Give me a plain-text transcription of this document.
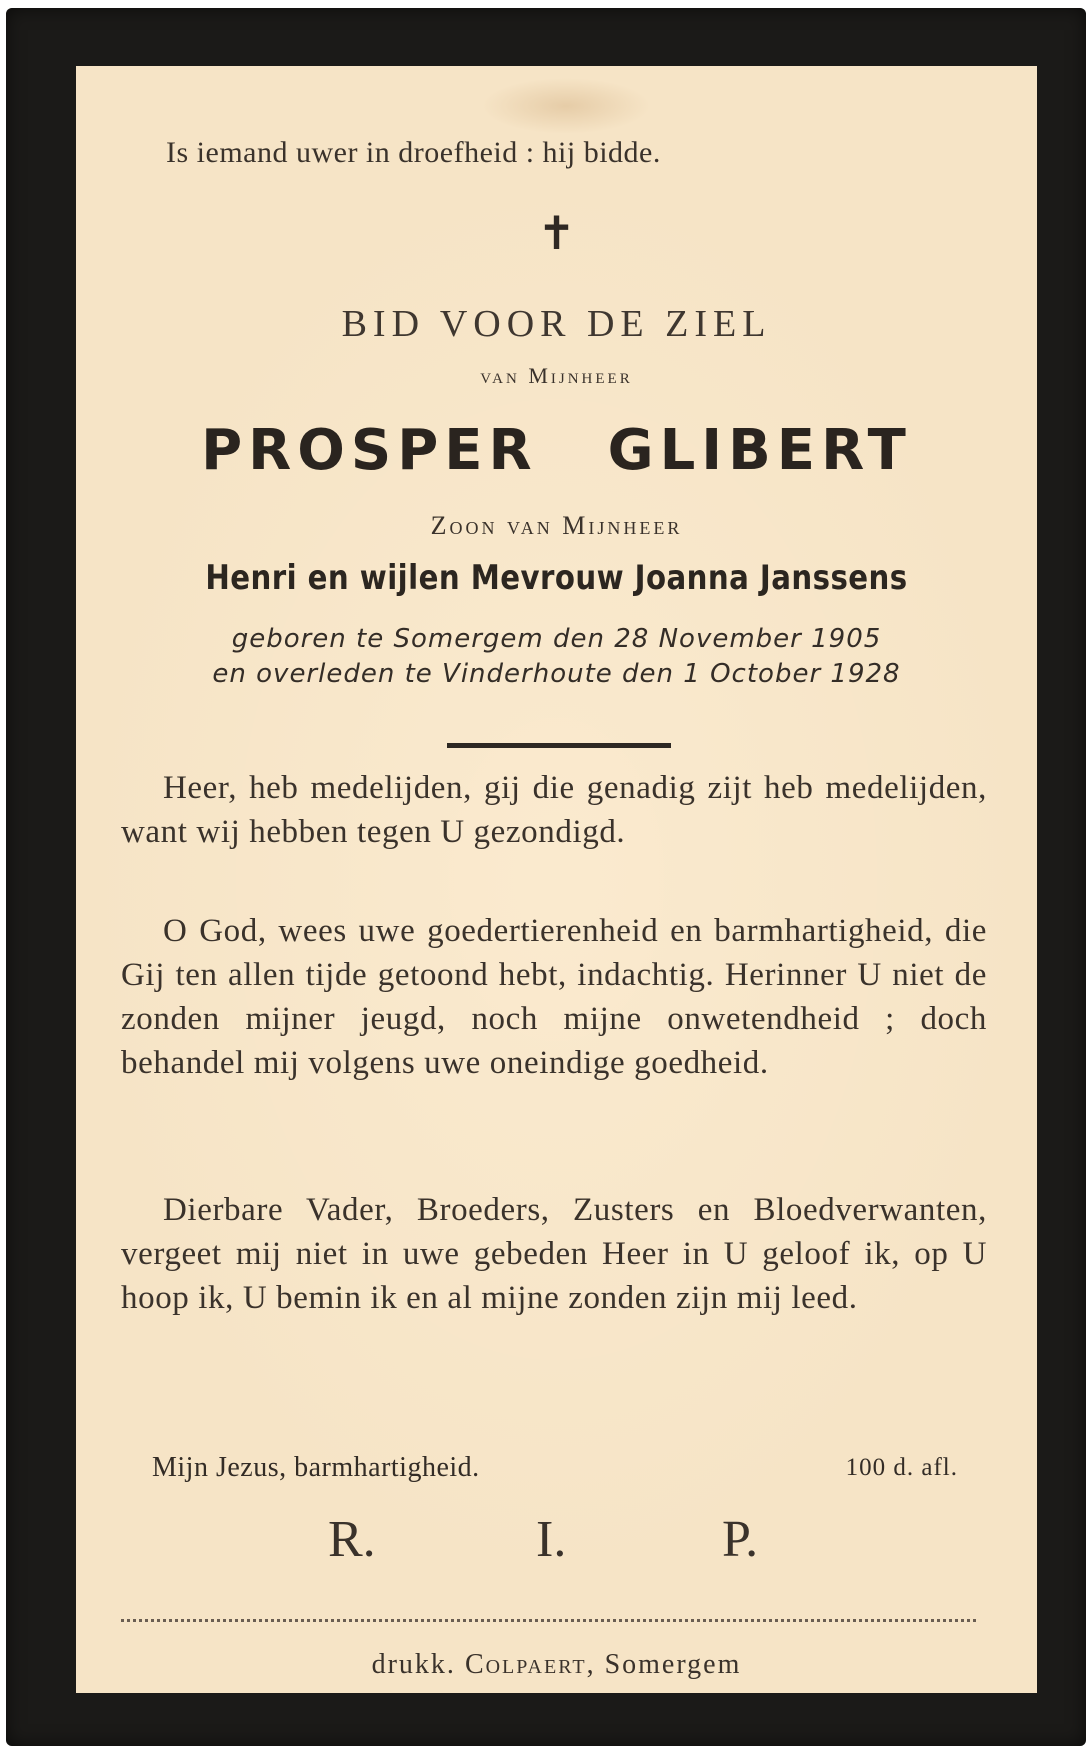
Is iemand uwer in droefheid : hij bidde.
✝
BID VOOR DE ZIEL
van Mijnheer
PROSPER GLIBERT
Zoon van Mijnheer
Henri en wijlen Mevrouw Joanna Janssens
geboren te Somergem den 28 November 1905
en overleden te Vinderhoute den 1 October 1928
Heer, heb medelijden, gij die genadig zijt heb medelijden, want wij hebben tegen U gezondigd.
O God, wees uwe goedertierenheid en barmhartigheid, die Gij ten allen tijde getoond hebt, indachtig. Herinner U niet de zonden mijner jeugd, noch mijne onwetendheid ; doch behandel mij volgens uwe oneindige goedheid.
Dierbare Vader, Broeders, Zusters en Bloedverwanten, vergeet mij niet in uwe gebeden Heer in U geloof ik, op U hoop ik, U bemin ik en al mijne zonden zijn mij leed.
Mijn Jezus, barmhartigheid.	100 d. afl.
R.	I.	P.
drukk. Colpaert, Somergem
